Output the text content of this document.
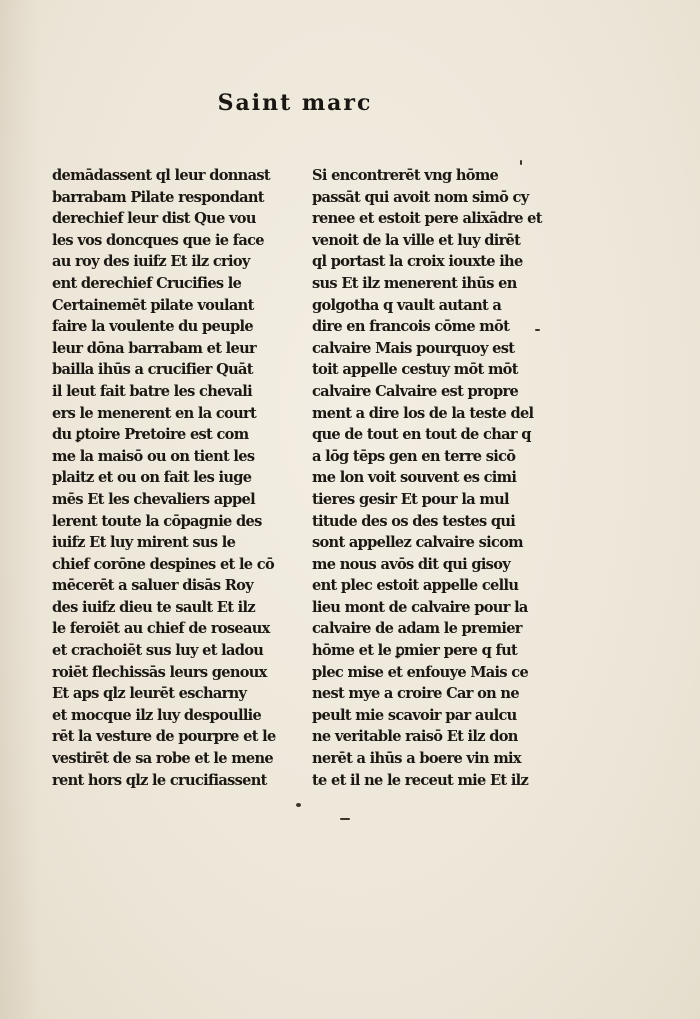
Saint marc
demādassent ql leur donnast
barrabam Pilate respondant
derechief leur dist Que vou
les vos doncques que ie face
au roy des iuifz Et ilz crioy
ent derechief Crucifies le
Certainemēt pilate voulant
faire la voulente du peuple
leur dōna barrabam et leur
bailla ihūs a crucifier Quāt
il leut fait batre les chevali
ers le menerent en la court
du ꝑtoire Pretoire est com
me la maisō ou on tient les
plaitz et ou on fait les iuge
mēs Et les chevaliers appel
lerent toute la cōpagnie des
iuifz Et luy mirent sus le
chief corōne despines et le cō
mēcerēt a saluer disās Roy
des iuifz dieu te sault Et ilz
le feroiēt au chief de roseaux
et crachoiēt sus luy et ladou
roiēt flechissās leurs genoux
Et aps qlz leurēt escharny
et mocque ilz luy despoullie
rēt la vesture de pourpre et le
vestirēt de sa robe et le mene
rent hors qlz le crucifiassent
Si encontrerēt vng hōme
passāt qui avoit nom simō cy
renee et estoit pere alixādre et
venoit de la ville et luy dirēt
ql portast la croix iouxte ihe
sus Et ilz menerent ihūs en
golgotha q vault autant a
dire en francois cōme mōt
calvaire Mais pourquoy est
toit appelle cestuy mōt mōt
calvaire Calvaire est propre
ment a dire los de la teste del
que de tout en tout de char q
a lōg tēps gen en terre sicō
me lon voit souvent es cimi
tieres gesir Et pour la mul
titude des os des testes qui
sont appellez calvaire sicom
me nous avōs dit qui gisoy
ent plec estoit appelle cellu
lieu mont de calvaire pour la
calvaire de adam le premier
hōme et le ꝑmier pere q fut
plec mise et enfouye Mais ce
nest mye a croire Car on ne
peult mie scavoir par aulcu
ne veritable raisō Et ilz don
nerēt a ihūs a boere vin mix
te et il ne le receut mie Et ilz
